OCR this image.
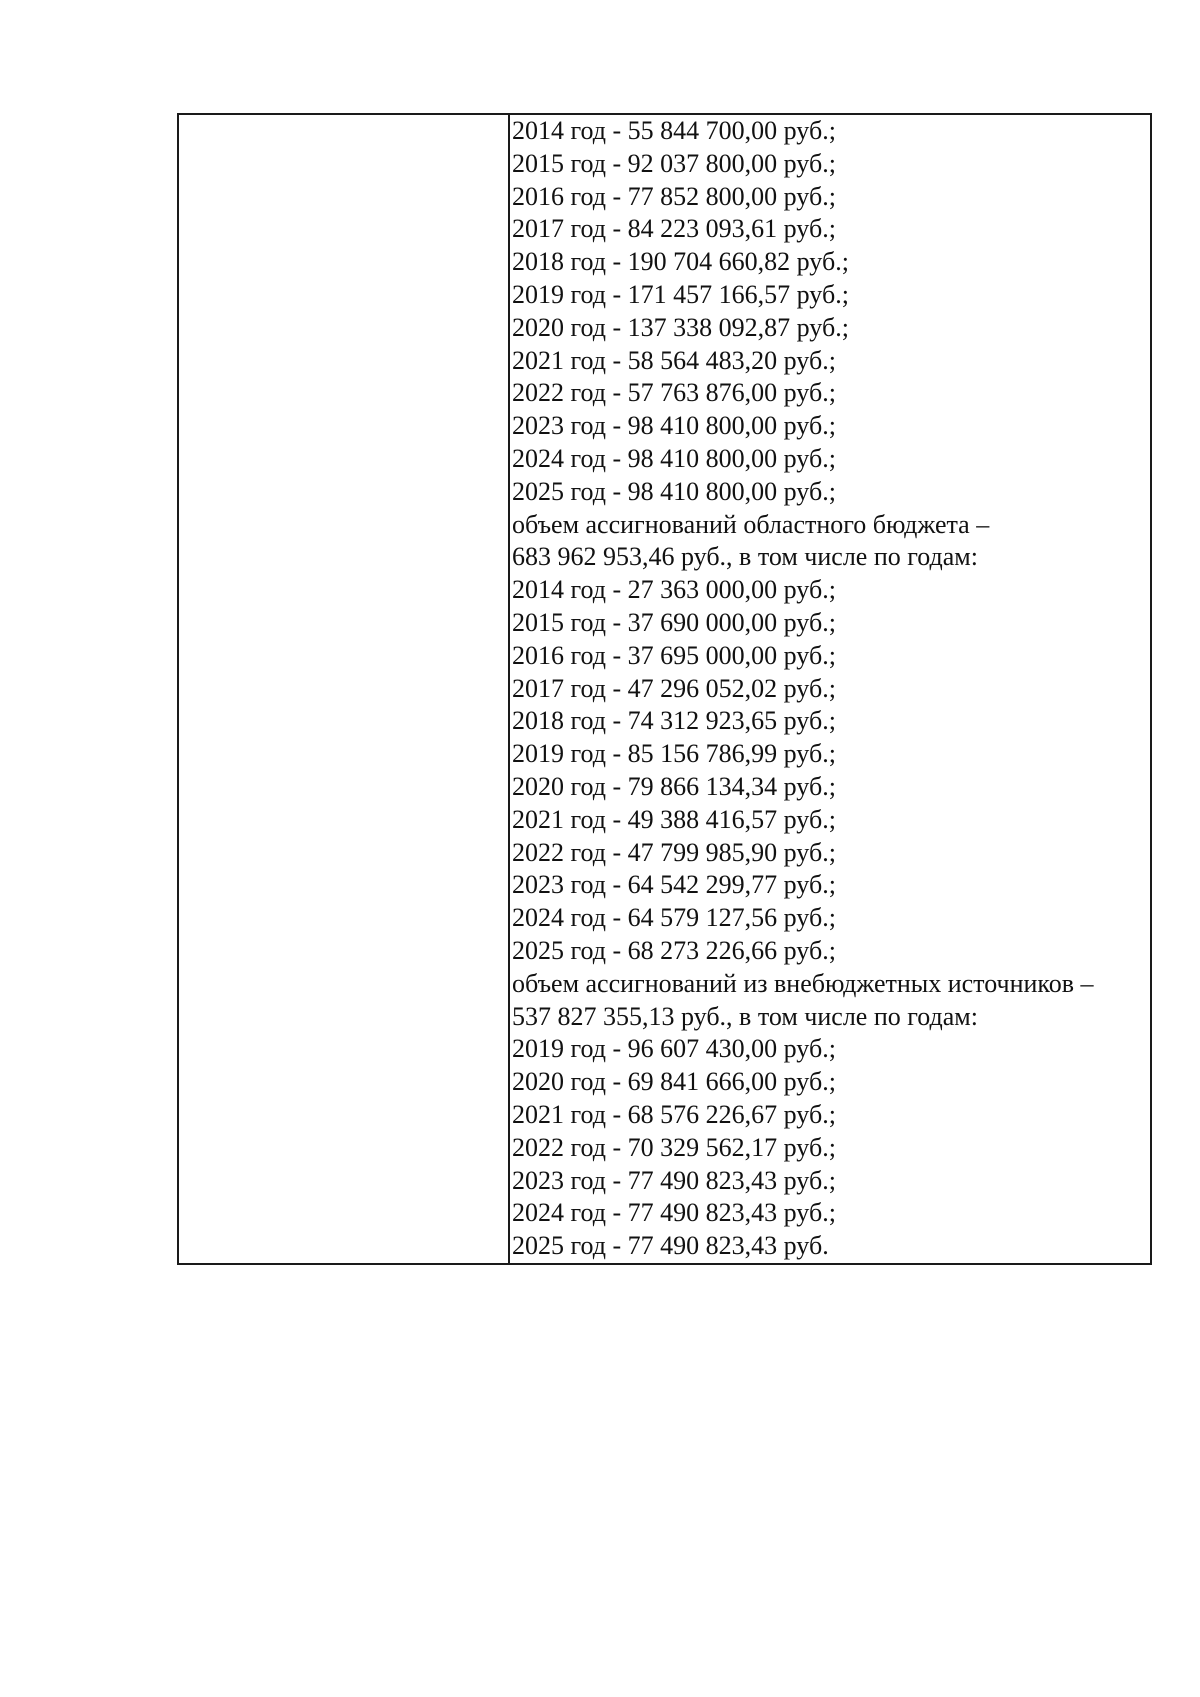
2014 год - 55 844 700,00 руб.;
2015 год - 92 037 800,00 руб.;
2016 год - 77 852 800,00 руб.;
2017 год - 84 223 093,61 руб.;
2018 год - 190 704 660,82 руб.;
2019 год - 171 457 166,57 руб.;
2020 год - 137 338 092,87 руб.;
2021 год - 58 564 483,20 руб.;
2022 год - 57 763 876,00 руб.;
2023 год - 98 410 800,00 руб.;
2024 год - 98 410 800,00 руб.;
2025 год - 98 410 800,00 руб.;
объем ассигнований областного бюджета –
683 962 953,46 руб., в том числе по годам:
2014 год - 27 363 000,00 руб.;
2015 год - 37 690 000,00 руб.;
2016 год - 37 695 000,00 руб.;
2017 год - 47 296 052,02 руб.;
2018 год - 74 312 923,65 руб.;
2019 год - 85 156 786,99 руб.;
2020 год - 79 866 134,34 руб.;
2021 год - 49 388 416,57 руб.;
2022 год - 47 799 985,90 руб.;
2023 год - 64 542 299,77 руб.;
2024 год - 64 579 127,56 руб.;
2025 год - 68 273 226,66 руб.;
объем ассигнований из внебюджетных источников –
537 827 355,13 руб., в том числе по годам:
2019 год - 96 607 430,00 руб.;
2020 год - 69 841 666,00 руб.;
2021 год - 68 576 226,67 руб.;
2022 год - 70 329 562,17 руб.;
2023 год - 77 490 823,43 руб.;
2024 год - 77 490 823,43 руб.;
2025 год - 77 490 823,43 руб.
